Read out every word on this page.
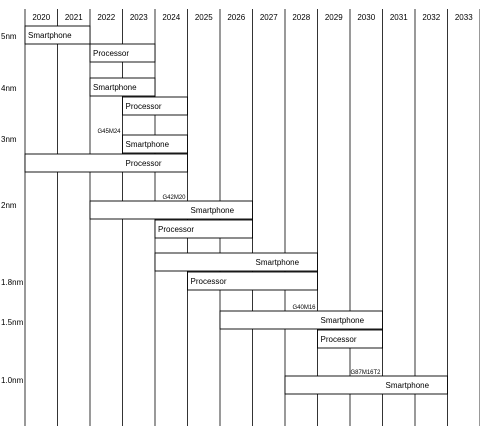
2020 2021 2022 2023 2024 2025 2026 2027 2028 2029 2030 2031 2032 2033
5nm
4nm
3nm
2nm
1.8nm
1.5nm
1.0nm
Smartphone
Processor
Smartphone
Processor
Smartphone
G45M24
Processor
Smartphone
G42M20
Processor
Smartphone
Processor
Smartphone
G40M16
Processor
Smartphone
G87M16T2
